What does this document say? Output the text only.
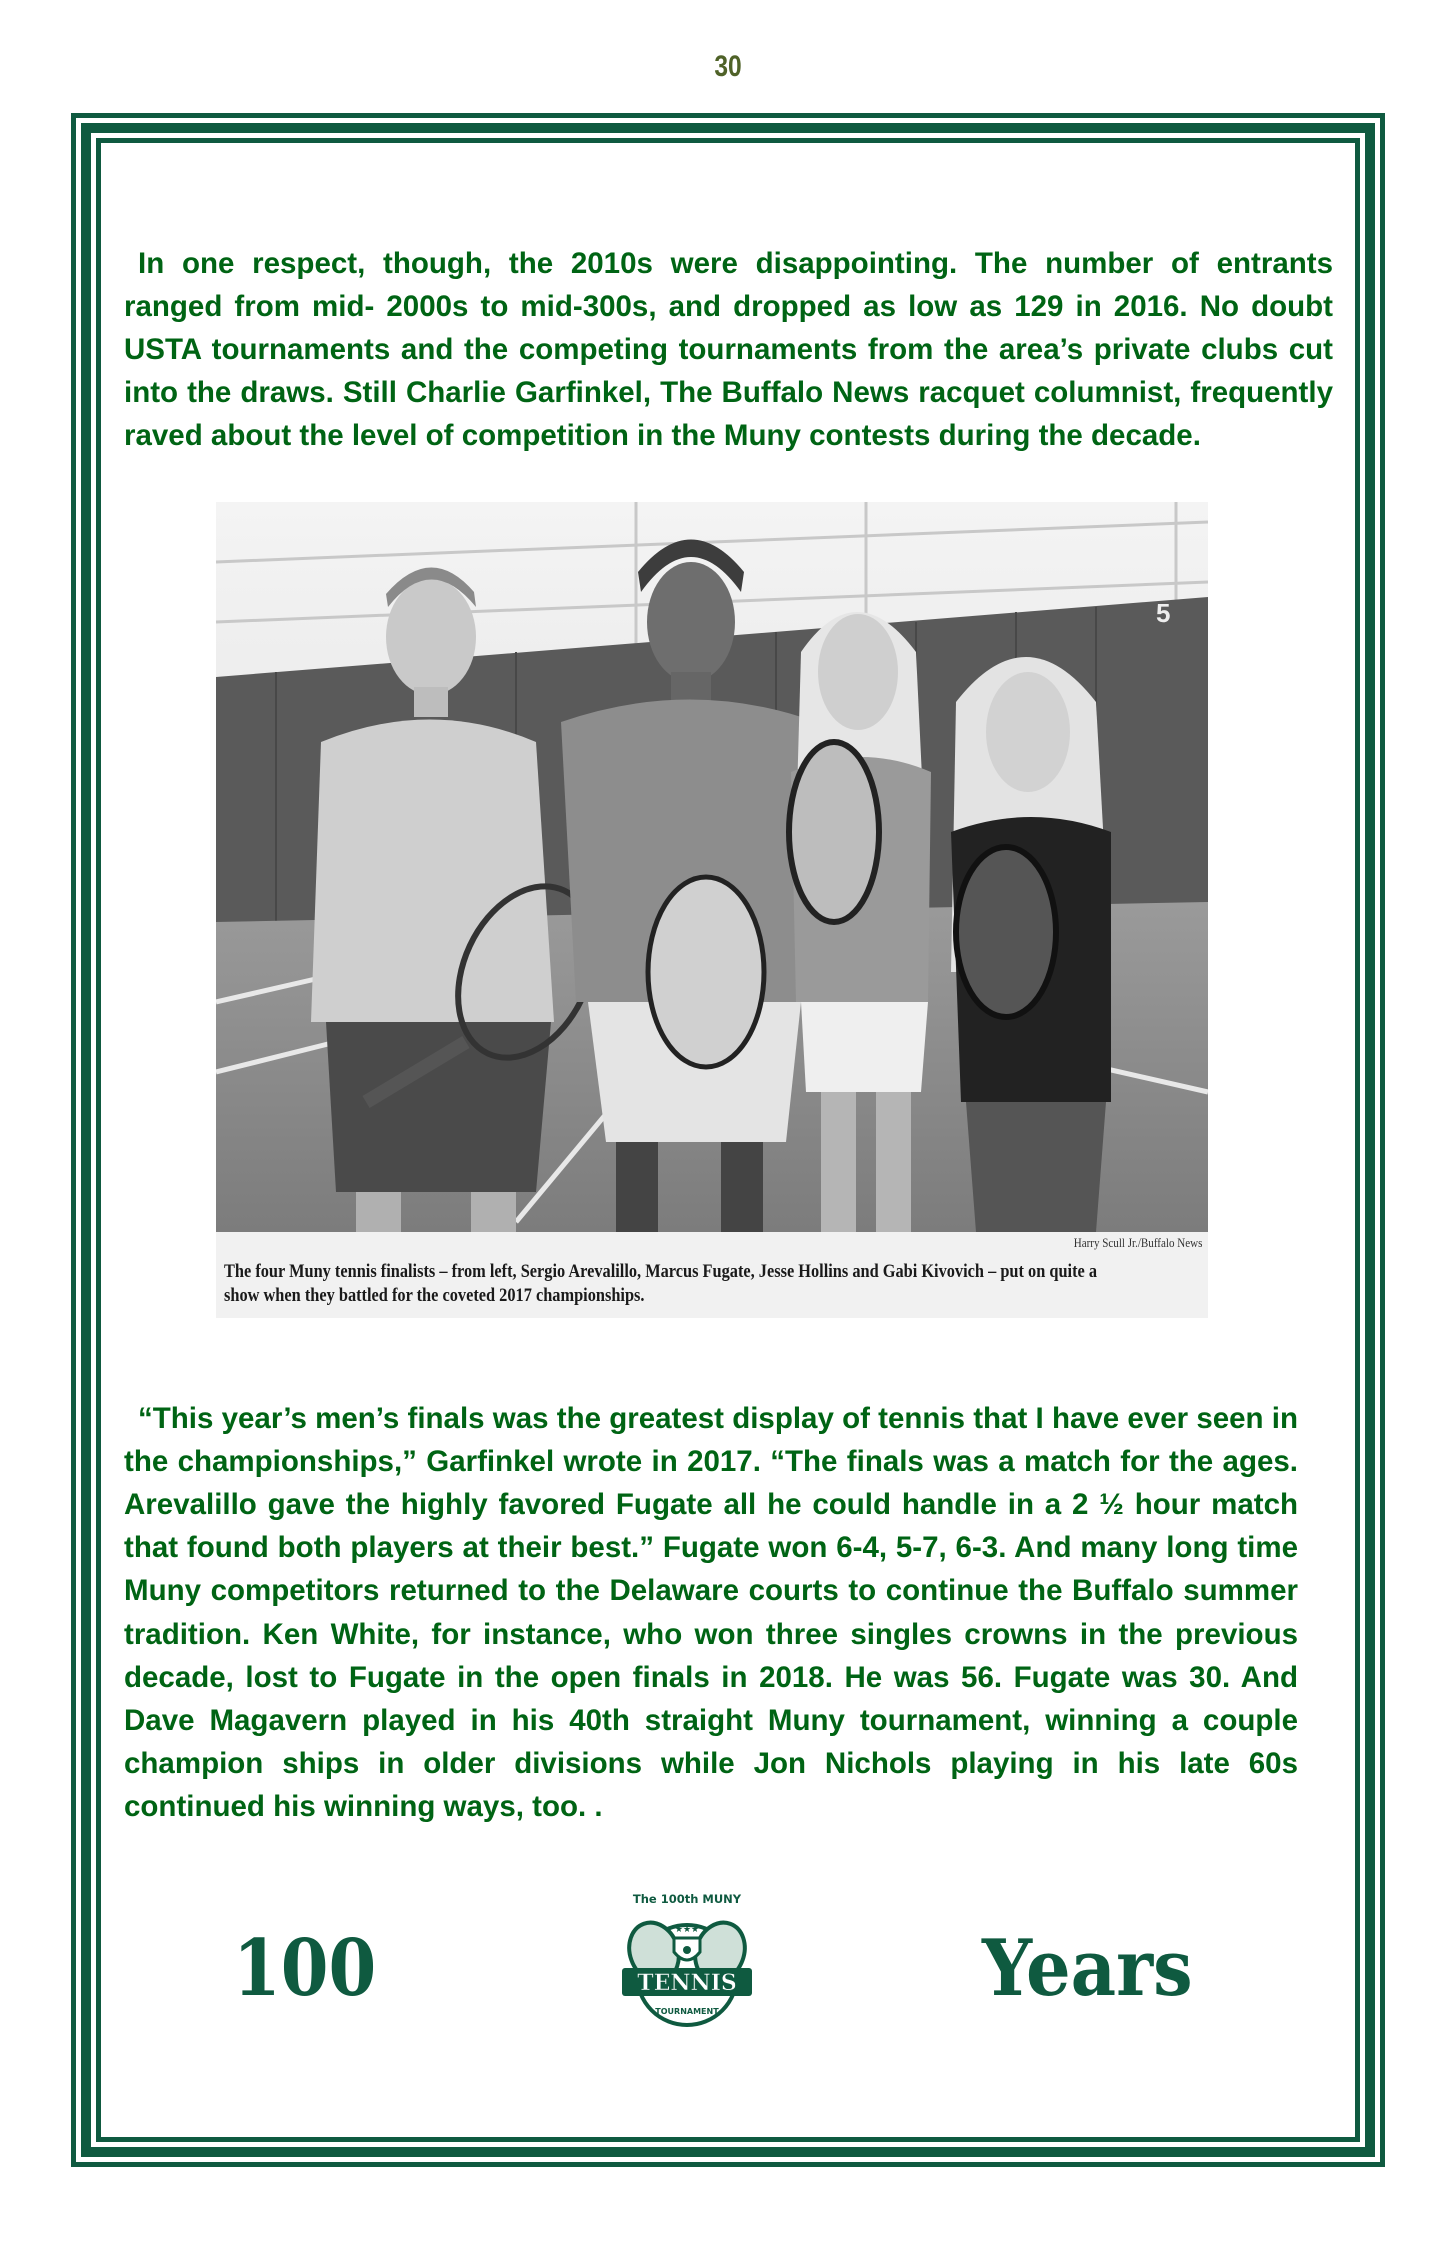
30

In one respect, though, the 2010s were disappointing. The number of entrants ranged from mid- 2000s to mid-300s, and dropped as low as 129 in 2016. No doubt USTA tournaments and the competing tournaments from the area’s private clubs cut into the draws. Still Charlie Garfinkel, The Buffalo News racquet columnist, frequently raved about the level of competition in the Muny contests during the decade.

5
Harry Scull Jr./Buffalo News
The four Muny tennis finalists – from left, Sergio Arevalillo, Marcus Fugate, Jesse Hollins and Gabi Kivovich – put on quite a show when they battled for the coveted 2017 championships.

“This year’s men’s finals was the greatest display of tennis that I have ever seen in the championships,” Garfinkel wrote in 2017. “The finals was a match for the ages. Arevalillo gave the highly favored Fugate all he could handle in a 2 ½ hour match that found both players at their best.” Fugate won 6-4, 5-7, 6-3. And many long time Muny competitors returned to the Delaware courts to continue the Buffalo summer tradition. Ken White, for instance, who won three singles crowns in the previous decade, lost to Fugate in the open finals in 2018. He was 56. Fugate was 30. And Dave Magavern played in his 40th straight Muny tournament, winning a couple champion ships in older divisions while Jon Nichols playing in his late 60s continued his winning ways, too. .

100
The 100th MUNY
★★★
TENNIS
TOURNAMENT	Years
